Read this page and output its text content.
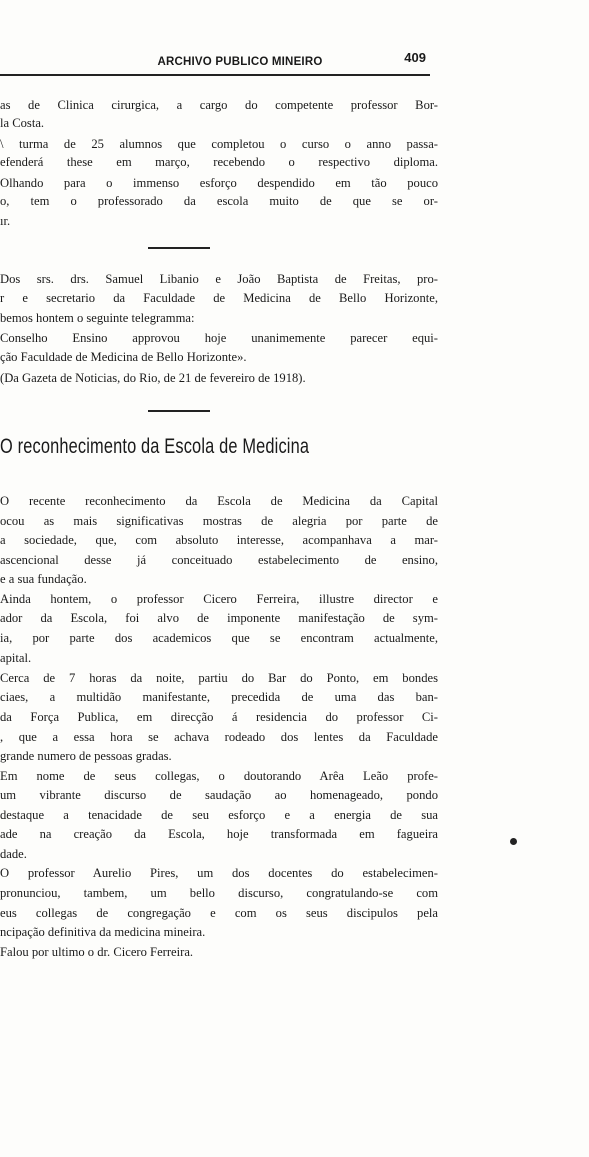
ARCHIVO PUBLICO MINEIRO	409
as de Clinica cirurgica, a cargo do competente professor Bor-
la Costa.
\ turma de 25 alumnos que completou o curso o anno passa-
efenderá these em março, recebendo o respectivo diploma.
Olhando para o immenso esforço despendido em tão pouco
o, tem o professorado da escola muito de que se or-
ır.
Dos srs. drs. Samuel Libanio e João Baptista de Freitas, pro-
r e secretario da Faculdade de Medicina de Bello Horizonte,
bemos hontem o seguinte telegramma:
Conselho Ensino approvou hoje unanimemente parecer equi-
ção Faculdade de Medicina de Bello Horizonte».
(Da Gazeta de Noticias, do Rio, de 21 de fevereiro de 1918).
O reconhecimento da Escola de Medicina
O recente reconhecimento da Escola de Medicina da Capital
ocou as mais significativas mostras de alegria por parte de
a sociedade, que, com absoluto interesse, acompanhava a mar-
ascencional desse já conceituado estabelecimento de ensino,
e a sua fundação.
Ainda hontem, o professor Cicero Ferreira, illustre director e
ador da Escola, foi alvo de imponente manifestação de sym-
ia, por parte dos academicos que se encontram actualmente,
apital.
Cerca de 7 horas da noite, partiu do Bar do Ponto, em bondes
ciaes, a multidão manifestante, precedida de uma das ban-
da Força Publica, em direcção á residencia do professor Ci-
, que a essa hora se achava rodeado dos lentes da Faculdade
grande numero de pessoas gradas.
Em nome de seus collegas, o doutorando Arêa Leão profe-
um vibrante discurso de saudação ao homenageado, pondo
destaque a tenacidade de seu esforço e a energia de sua
ade na creação da Escola, hoje transformada em fagueira
dade.
O professor Aurelio Pires, um dos docentes do estabelecimen-
pronunciou, tambem, um bello discurso, congratulando-se com
eus collegas de congregação e com os seus discipulos pela
ncipação definitiva da medicina mineira.
Falou por ultimo o dr. Cicero Ferreira.
